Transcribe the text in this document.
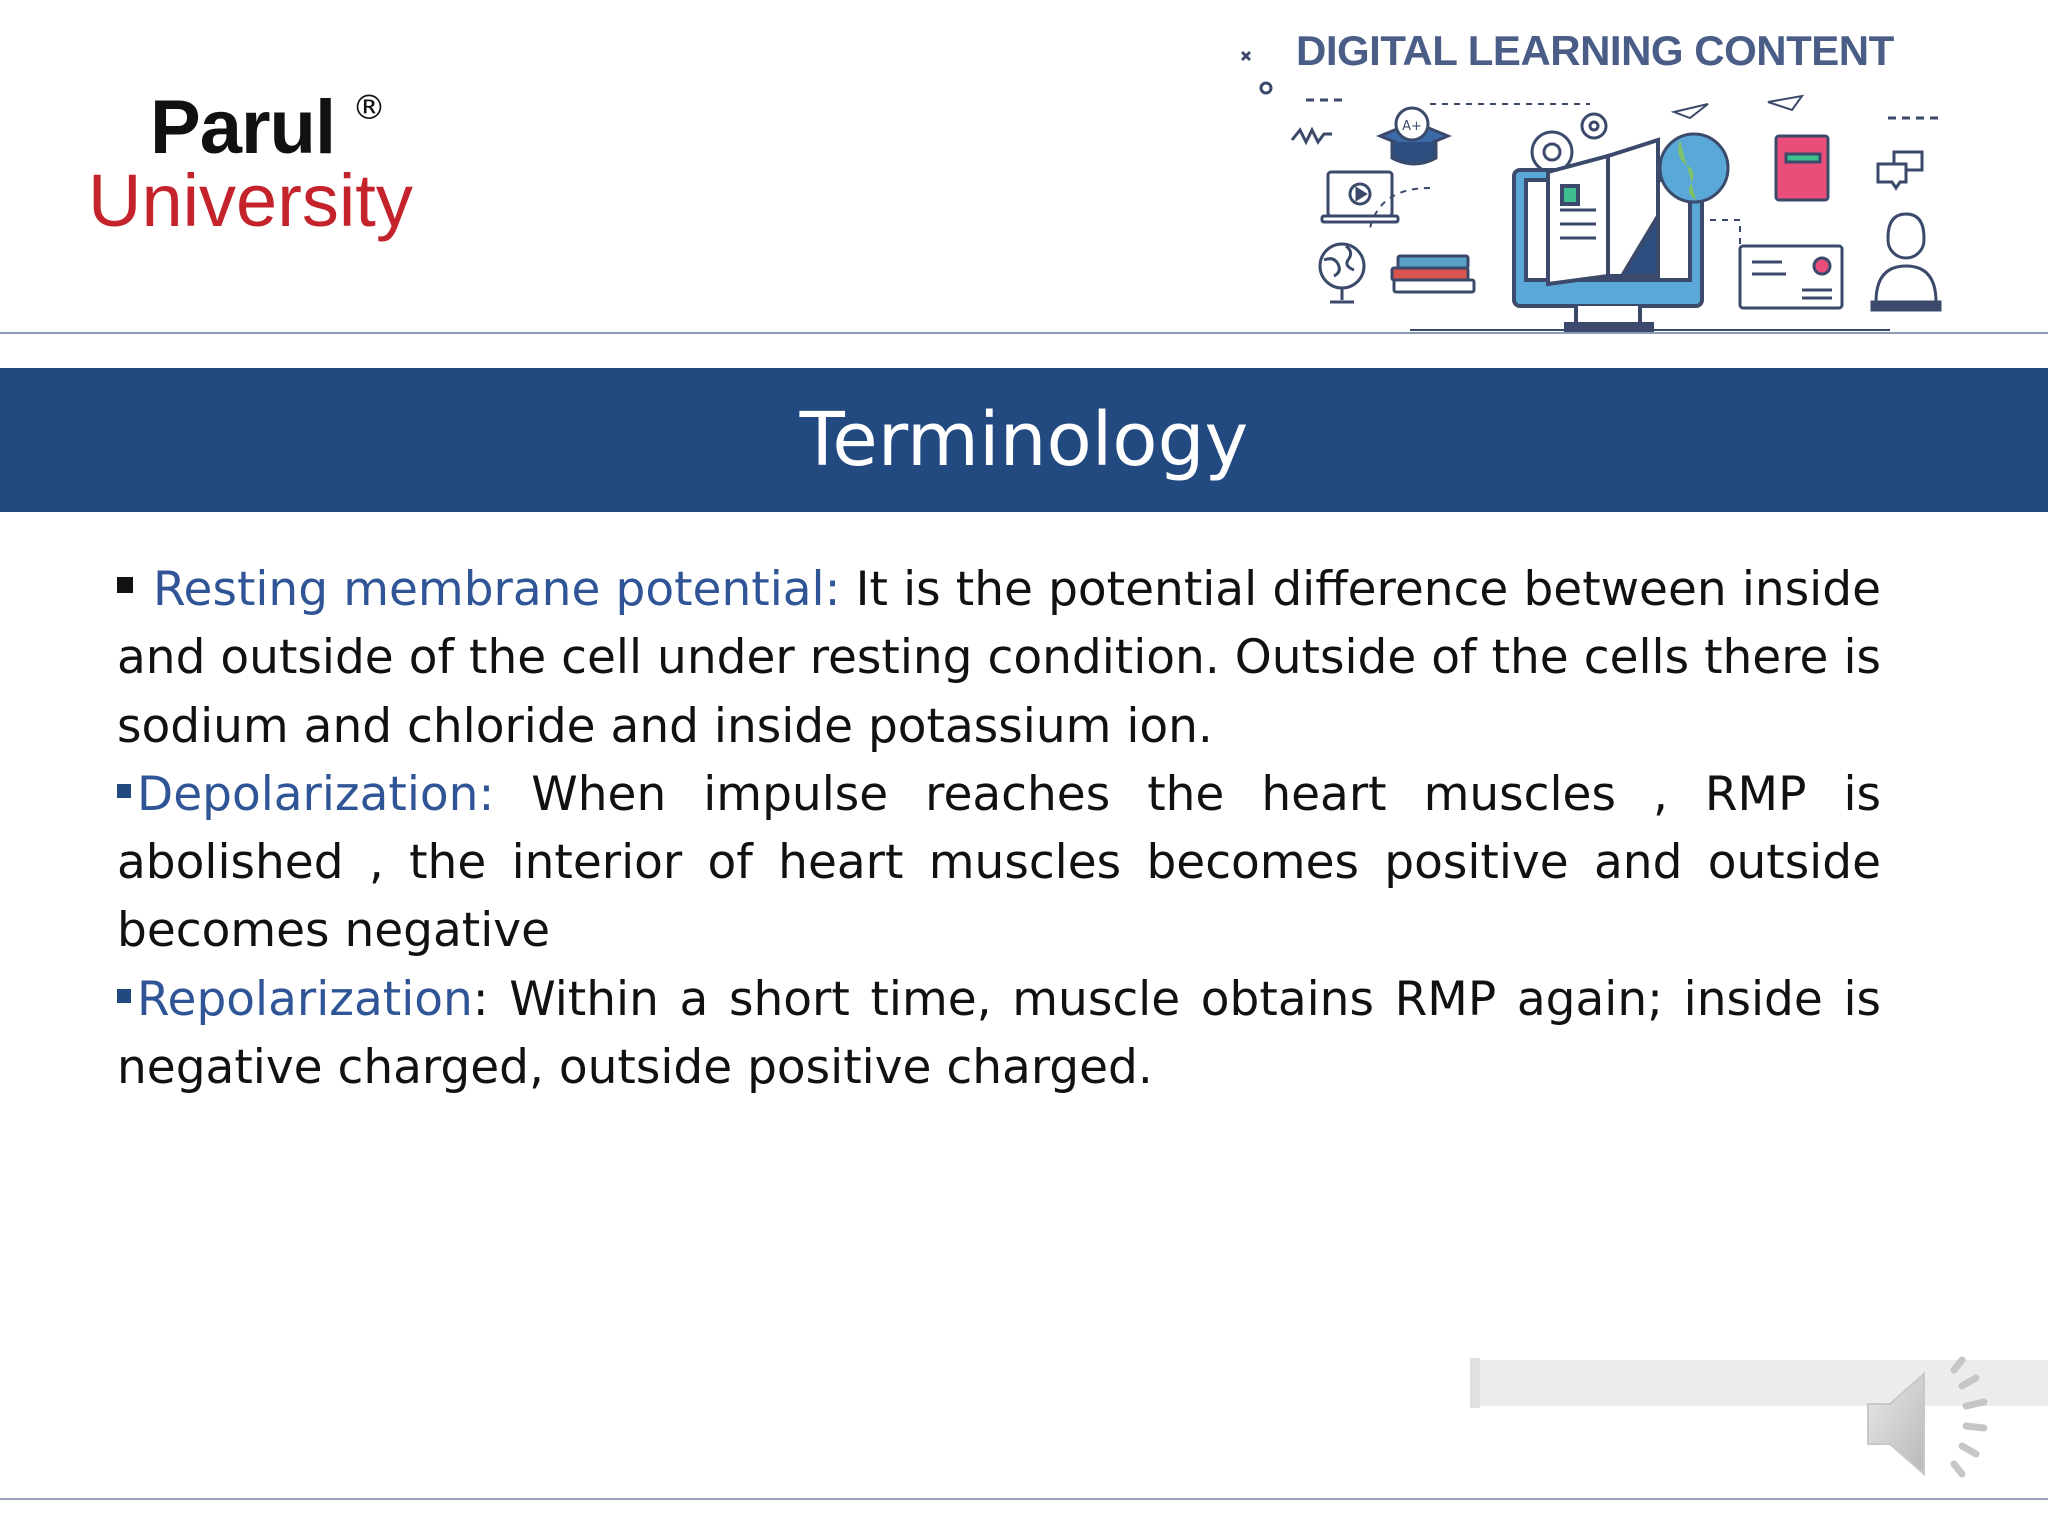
Parul ®
University
DIGITAL LEARNING CONTENT
A+
Terminology

Resting membrane potential: It is the potential difference between inside and outside of the cell under resting condition. Outside of the cells there is sodium and chloride and inside potassium ion.

Depolarization: When impulse reaches the heart muscles , RMP is abolished , the interior of heart muscles becomes positive and outside becomes negative

Repolarization: Within a short time, muscle obtains RMP again; inside is negative charged, outside positive charged.
